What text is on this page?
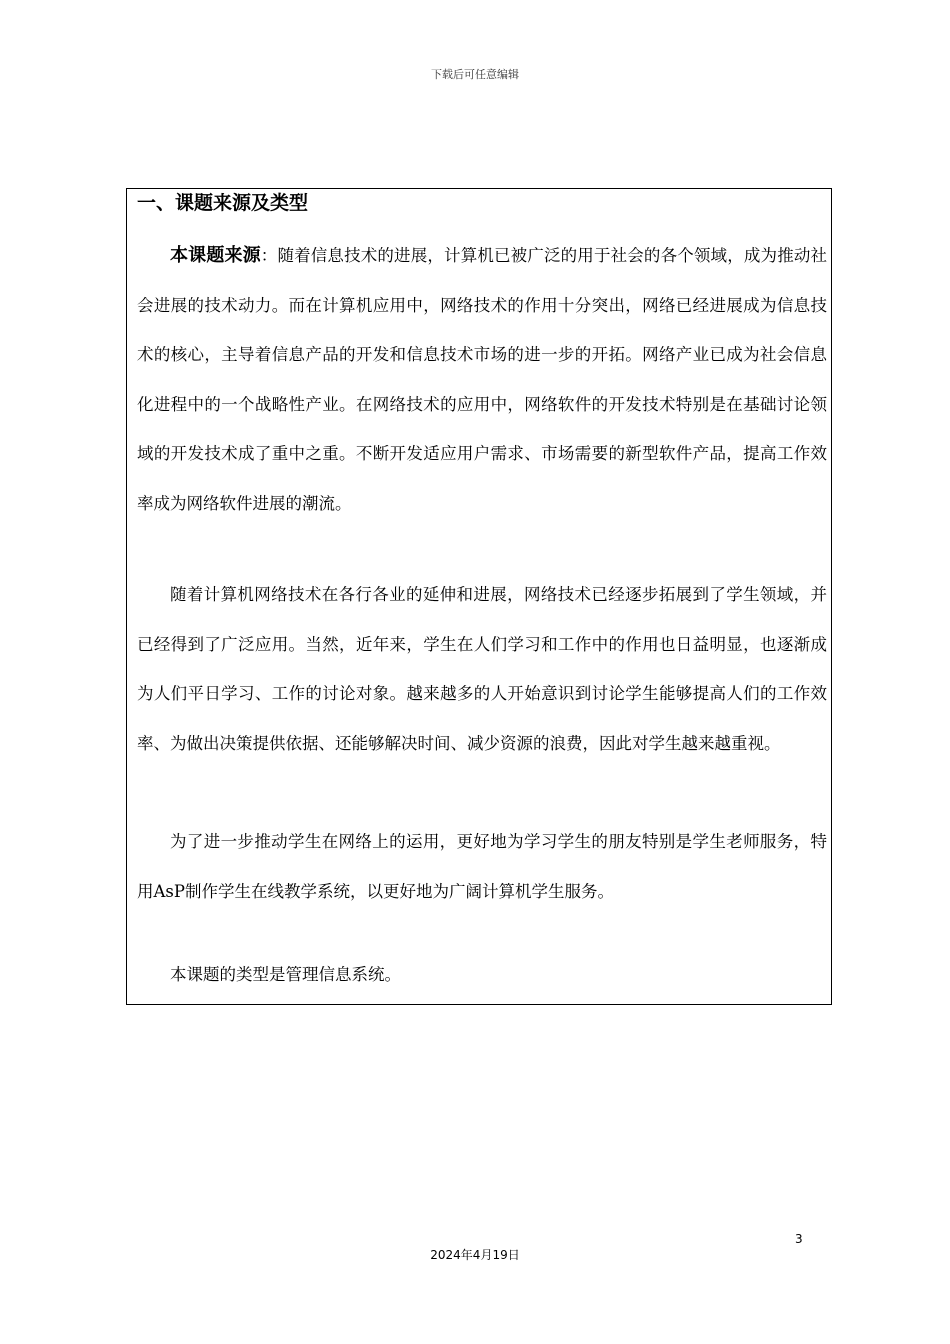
下载后可任意编辑
一、课题来源及类型

本课题来源：随着信息技术的进展，计算机已被广泛的用于社会的各个领域，成为推动社会进展的技术动力。而在计算机应用中，网络技术的作用十分突出，网络已经进展成为信息技术的核心，主导着信息产品的开发和信息技术市场的进一步的开拓。网络产业已成为社会信息化进程中的一个战略性产业。在网络技术的应用中，网络软件的开发技术特别是在基础讨论领域的开发技术成了重中之重。不断开发适应用户需求、市场需要的新型软件产品，提高工作效率成为网络软件进展的潮流。

随着计算机网络技术在各行各业的延伸和进展，网络技术已经逐步拓展到了学生领域，并已经得到了广泛应用。当然，近年来，学生在人们学习和工作中的作用也日益明显，也逐渐成为人们平日学习、工作的讨论对象。越来越多的人开始意识到讨论学生能够提高人们的工作效率、为做出决策提供依据、还能够解决时间、减少资源的浪费，因此对学生越来越重视。

为了进一步推动学生在网络上的运用，更好地为学习学生的朋友特别是学生老师服务，特用AsP制作学生在线教学系统，以更好地为广阔计算机学生服务。

本课题的类型是管理信息系统。

3
2024年4月19日
